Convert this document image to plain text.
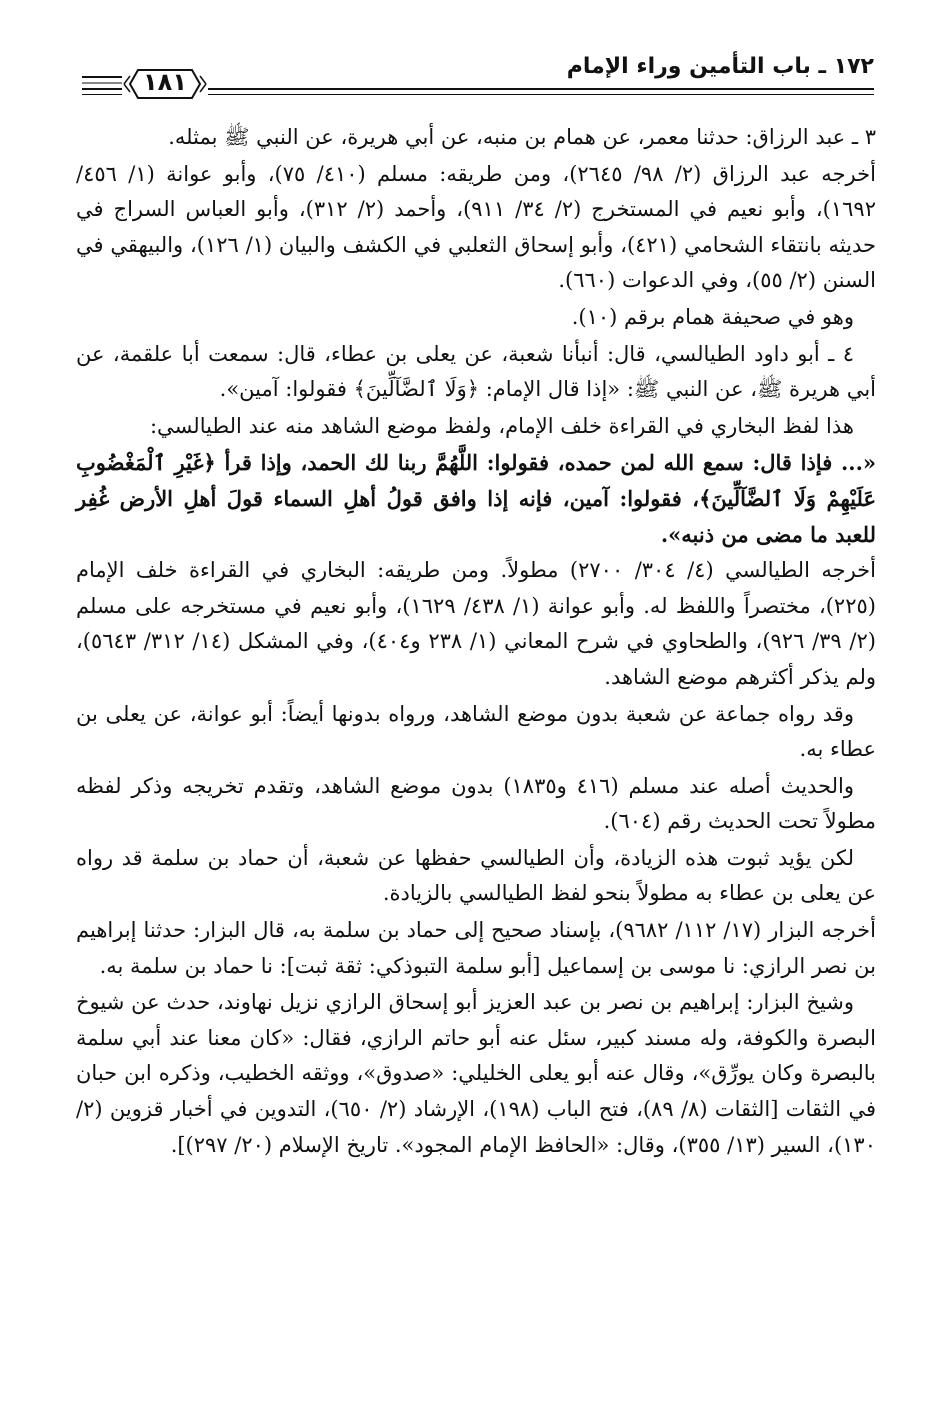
١٧٢ ـ باب التأمين وراء الإمام
١٨١

٣ ـ عبد الرزاق: حدثنا معمر، عن همام بن منبه، عن أبي هريرة، عن النبي ﷺ بمثله.

أخرجه عبد الرزاق (٢/ ٩٨/ ٢٦٤٥)، ومن طريقه: مسلم (٤١٠/ ٧٥)، وأبو عوانة (١/ ٤٥٦/ ١٦٩٢)، وأبو نعيم في المستخرج (٢/ ٣٤/ ٩١١)، وأحمد (٢/ ٣١٢)، وأبو العباس السراج في حديثه بانتقاء الشحامي (٤٢١)، وأبو إسحاق الثعلبي في الكشف والبيان (١/ ١٢٦)، والبيهقي في السنن (٢/ ٥٥)، وفي الدعوات (٦٦٠).

وهو في صحيفة همام برقم (١٠).

٤ ـ أبو داود الطيالسي، قال: أنبأنا شعبة، عن يعلى بن عطاء، قال: سمعت أبا علقمة، عن أبي هريرة ﷺ، عن النبي ﷺ: «إذا قال الإمام: ﴿وَلَا ٱلضَّآلِّينَ﴾ فقولوا: آمين».

هذا لفظ البخاري في القراءة خلف الإمام، ولفظ موضع الشاهد منه عند الطيالسي:

«... فإذا قال: سمع الله لمن حمده، فقولوا: اللَّهُمَّ ربنا لك الحمد، وإذا قرأ ﴿غَيْرِ ٱلْمَغْضُوبِ عَلَيْهِمْ وَلَا ٱلضَّآلِّينَ﴾، فقولوا: آمين، فإنه إذا وافق قولُ أهلِ السماء قولَ أهلِ الأرض غُفِر للعبد ما مضى من ذنبه».

أخرجه الطيالسي (٤/ ٣٠٤/ ٢٧٠٠) مطولاً. ومن طريقه: البخاري في القراءة خلف الإمام (٢٢٥)، مختصراً واللفظ له. وأبو عوانة (١/ ٤٣٨/ ١٦٢٩)، وأبو نعيم في مستخرجه على مسلم (٢/ ٣٩/ ٩٢٦)، والطحاوي في شرح المعاني (١/ ٢٣٨ و٤٠٤)، وفي المشكل (١٤/ ٣١٢/ ٥٦٤٣)، ولم يذكر أكثرهم موضع الشاهد.

وقد رواه جماعة عن شعبة بدون موضع الشاهد، ورواه بدونها أيضاً: أبو عوانة، عن يعلى بن عطاء به.

والحديث أصله عند مسلم (٤١٦ و١٨٣٥) بدون موضع الشاهد، وتقدم تخريجه وذكر لفظه مطولاً تحت الحديث رقم (٦٠٤).

لكن يؤيد ثبوت هذه الزيادة، وأن الطيالسي حفظها عن شعبة، أن حماد بن سلمة قد رواه عن يعلى بن عطاء به مطولاً بنحو لفظ الطيالسي بالزيادة.

أخرجه البزار (١٧/ ١١٢/ ٩٦٨٢)، بإسناد صحيح إلى حماد بن سلمة به، قال البزار: حدثنا إبراهيم بن نصر الرازي: نا موسى بن إسماعيل [أبو سلمة التبوذكي: ثقة ثبت]: نا حماد بن سلمة به.

وشيخ البزار: إبراهيم بن نصر بن عبد العزيز أبو إسحاق الرازي نزيل نهاوند، حدث عن شيوخ البصرة والكوفة، وله مسند كبير، سئل عنه أبو حاتم الرازي، فقال: «كان معنا عند أبي سلمة بالبصرة وكان يورِّق»، وقال عنه أبو يعلى الخليلي: «صدوق»، ووثقه الخطيب، وذكره ابن حبان في الثقات [الثقات (٨/ ٨٩)، فتح الباب (١٩٨)، الإرشاد (٢/ ٦٥٠)، التدوين في أخبار قزوين (٢/ ١٣٠)، السير (١٣/ ٣٥٥)، وقال: «الحافظ الإمام المجود». تاريخ الإسلام (٢٠/ ٢٩٧)].
